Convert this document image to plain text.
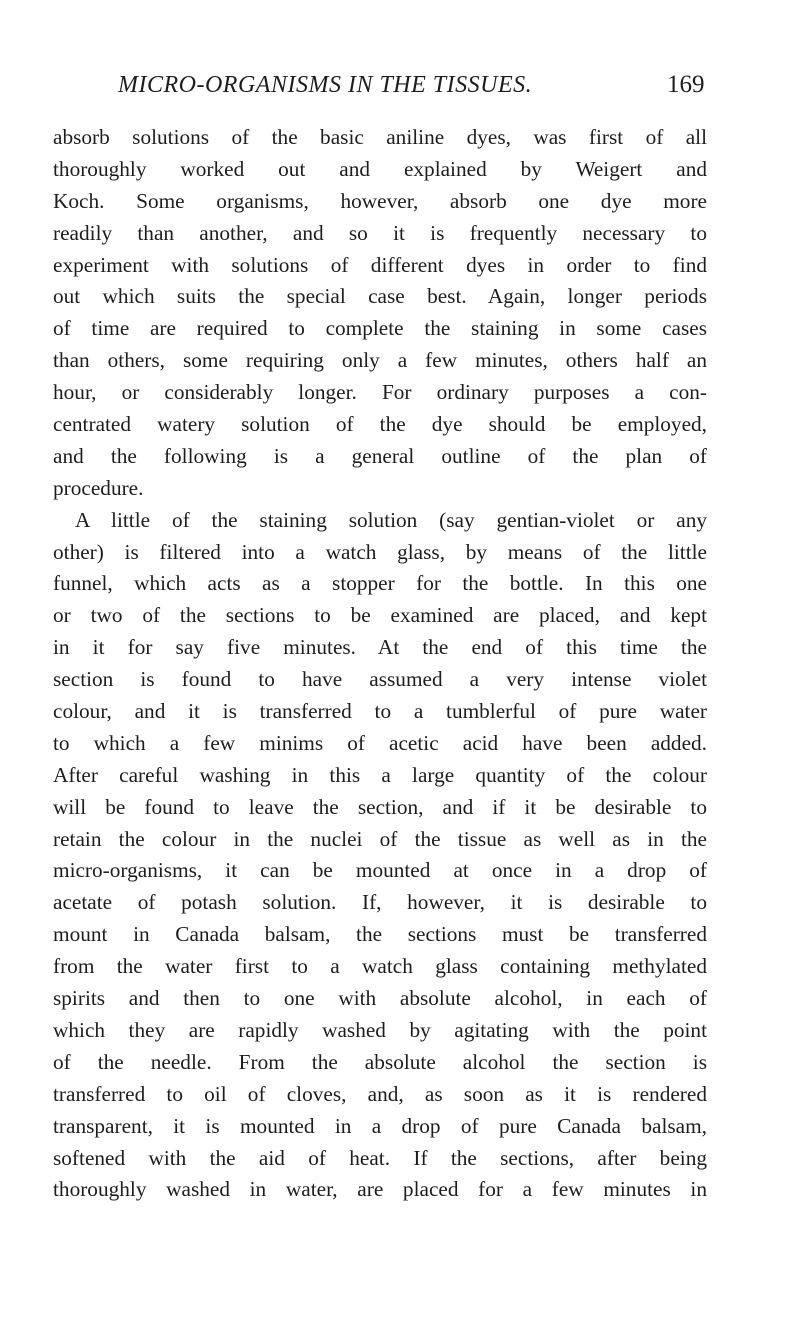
MICRO-ORGANISMS IN THE TISSUES.	169
absorb solutions of the basic aniline dyes, was first of all
thoroughly worked out and explained by Weigert and
Koch. Some organisms, however, absorb one dye more
readily than another, and so it is frequently necessary to
experiment with solutions of different dyes in order to find
out which suits the special case best. Again, longer periods
of time are required to complete the staining in some cases
than others, some requiring only a few minutes, others half an
hour, or considerably longer. For ordinary purposes a con-
centrated watery solution of the dye should be employed,
and the following is a general outline of the plan of
procedure.
A little of the staining solution (say gentian-violet or any
other) is filtered into a watch glass, by means of the little
funnel, which acts as a stopper for the bottle. In this one
or two of the sections to be examined are placed, and kept
in it for say five minutes. At the end of this time the
section is found to have assumed a very intense violet
colour, and it is transferred to a tumblerful of pure water
to which a few minims of acetic acid have been added.
After careful washing in this a large quantity of the colour
will be found to leave the section, and if it be desirable to
retain the colour in the nuclei of the tissue as well as in the
micro-organisms, it can be mounted at once in a drop of
acetate of potash solution. If, however, it is desirable to
mount in Canada balsam, the sections must be transferred
from the water first to a watch glass containing methylated
spirits and then to one with absolute alcohol, in each of
which they are rapidly washed by agitating with the point
of the needle. From the absolute alcohol the section is
transferred to oil of cloves, and, as soon as it is rendered
transparent, it is mounted in a drop of pure Canada balsam,
softened with the aid of heat. If the sections, after being
thoroughly washed in water, are placed for a few minutes in
